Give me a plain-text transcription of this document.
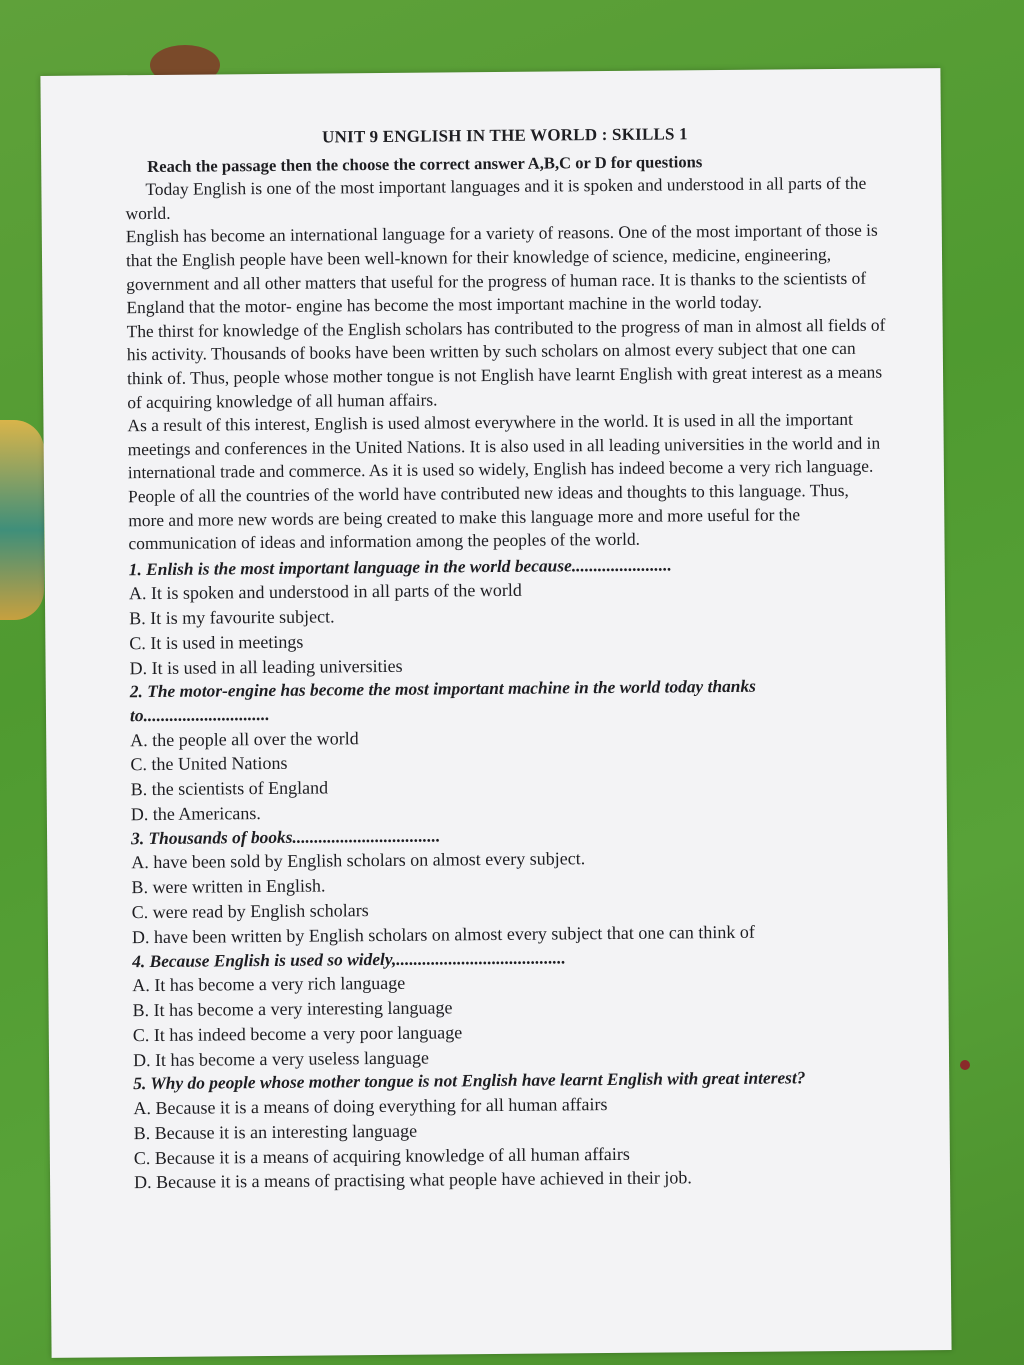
UNIT 9 ENGLISH IN THE WORLD : SKILLS 1
Reach the passage then the choose the correct answer A,B,C or D for questions

Today English is one of the most important languages and it is spoken and understood in all parts of the world.

English has become an international language for a variety of reasons. One of the most important of those is that the English people have been well-known for their knowledge of science, medicine, engineering, government and all other matters that useful for the progress of human race. It is thanks to the scientists of England that the motor- engine has become the most important machine in the world today.

The thirst for knowledge of the English scholars has contributed to the progress of man in almost all fields of his activity. Thousands of books have been written by such scholars on almost every subject that one can think of. Thus, people whose mother tongue is not English have learnt English with great interest as a means of acquiring knowledge of all human affairs.

As a result of this interest, English is used almost everywhere in the world. It is used in all the important meetings and conferences in the United Nations. It is also used in all leading universities in the world and in international trade and commerce. As it is used so widely, English has indeed become a very rich language. People of all the countries of the world have contributed new ideas and thoughts to this language. Thus, more and more new words are being created to make this language more and more useful for the communication of ideas and information among the peoples of the world.

1. Enlish is the most important language in the world because.......................

A. It is spoken and understood in all parts of the world

B. It is my favourite subject.

C. It is used in meetings

D. It is used in all leading universities

2. The motor-engine has become the most important machine in the world today thanks to.............................

A. the people all over the world

C. the United Nations

B. the scientists of England

D. the Americans.

3. Thousands of books..................................

A. have been sold by English scholars on almost every subject.

B. were written in English.

C. were read by English scholars

D. have been written by English scholars on almost every subject that one can think of

4. Because English is used so widely,.......................................

A. It has become a very rich language

B. It has become a very interesting language

C. It has indeed become a very poor language

D. It has become a very useless language

5. Why do people whose mother tongue is not English have learnt English with great interest?

A. Because it is a means of doing everything for all human affairs

B. Because it is an interesting language

C. Because it is a means of acquiring knowledge of all human affairs

D. Because it is a means of practising what people have achieved in their job.
